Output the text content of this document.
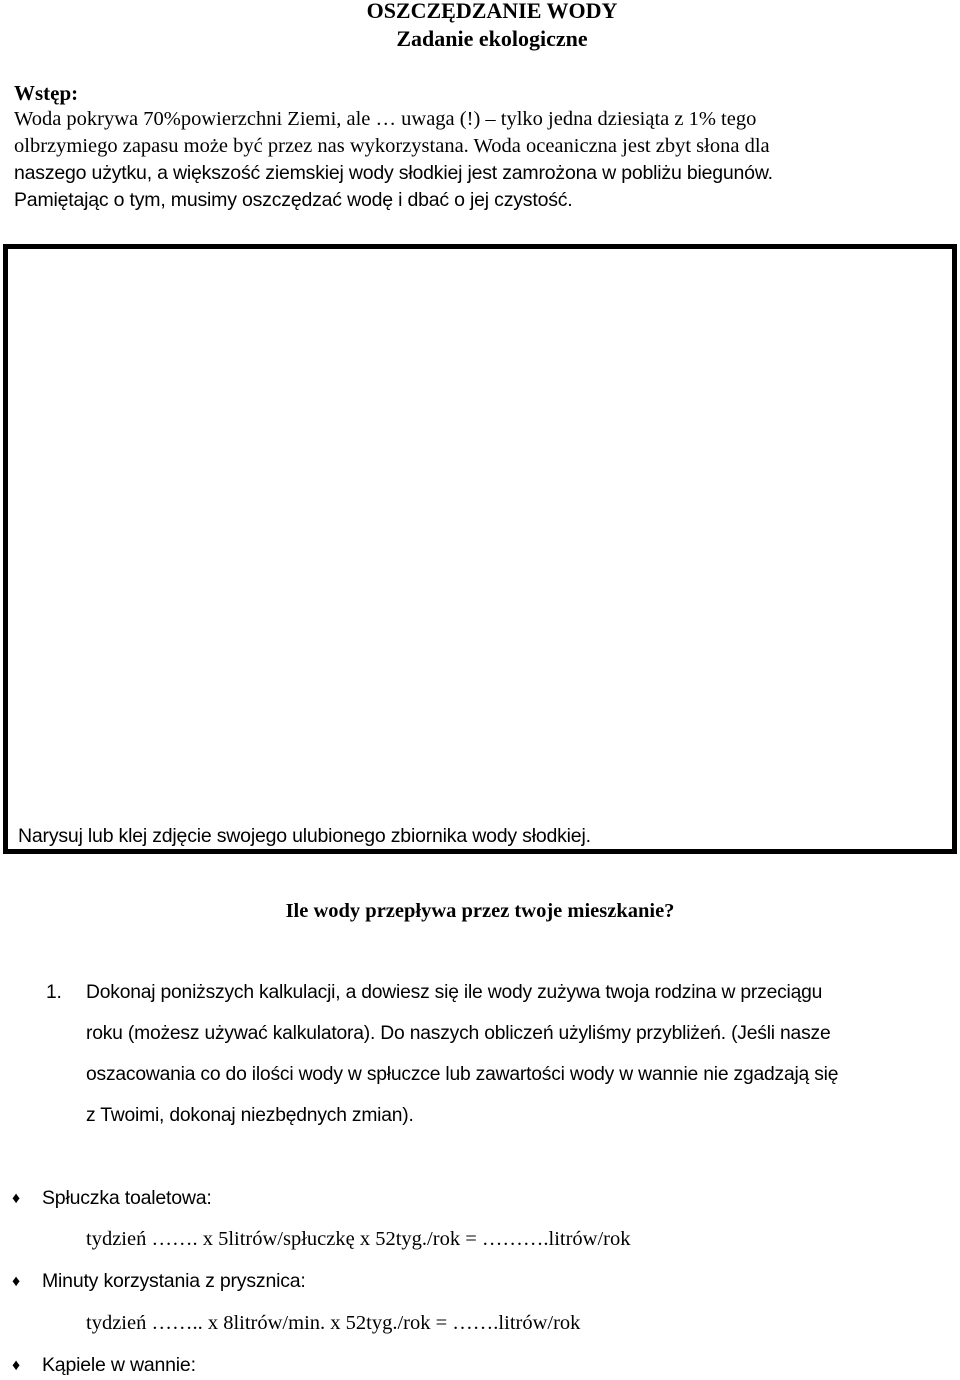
OSZCZĘDZANIE WODY
Zadanie ekologiczne
Wstęp:
Woda pokrywa 70%powierzchni Ziemi, ale … uwaga (!) – tylko jedna dziesiąta z 1% tego
olbrzymiego zapasu może być przez nas wykorzystana. Woda oceaniczna jest zbyt słona dla
naszego użytku, a większość ziemskiej wody słodkiej jest zamrożona w pobliżu biegunów.
Pamiętając o tym, musimy oszczędzać wodę i dbać o jej czystość.
Narysuj lub klej zdjęcie swojego ulubionego zbiornika wody słodkiej.
Ile wody przepływa przez twoje mieszkanie?
1. Dokonaj poniższych kalkulacji, a dowiesz się ile wody zużywa twoja rodzina w przeciągu
roku (możesz używać kalkulatora). Do naszych obliczeń użyliśmy przybliżeń. (Jeśli nasze
oszacowania co do ilości wody w spłuczce lub zawartości wody w wannie nie zgadzają się
z Twoimi, dokonaj niezbędnych zmian).
♦ Spłuczka toaletowa:
tydzień ……. x 5litrów/spłuczkę x 52tyg./rok = ……….litrów/rok
♦ Minuty korzystania z prysznica:
tydzień …….. x 8litrów/min. x 52tyg./rok = …….litrów/rok
♦ Kąpiele w wannie:
